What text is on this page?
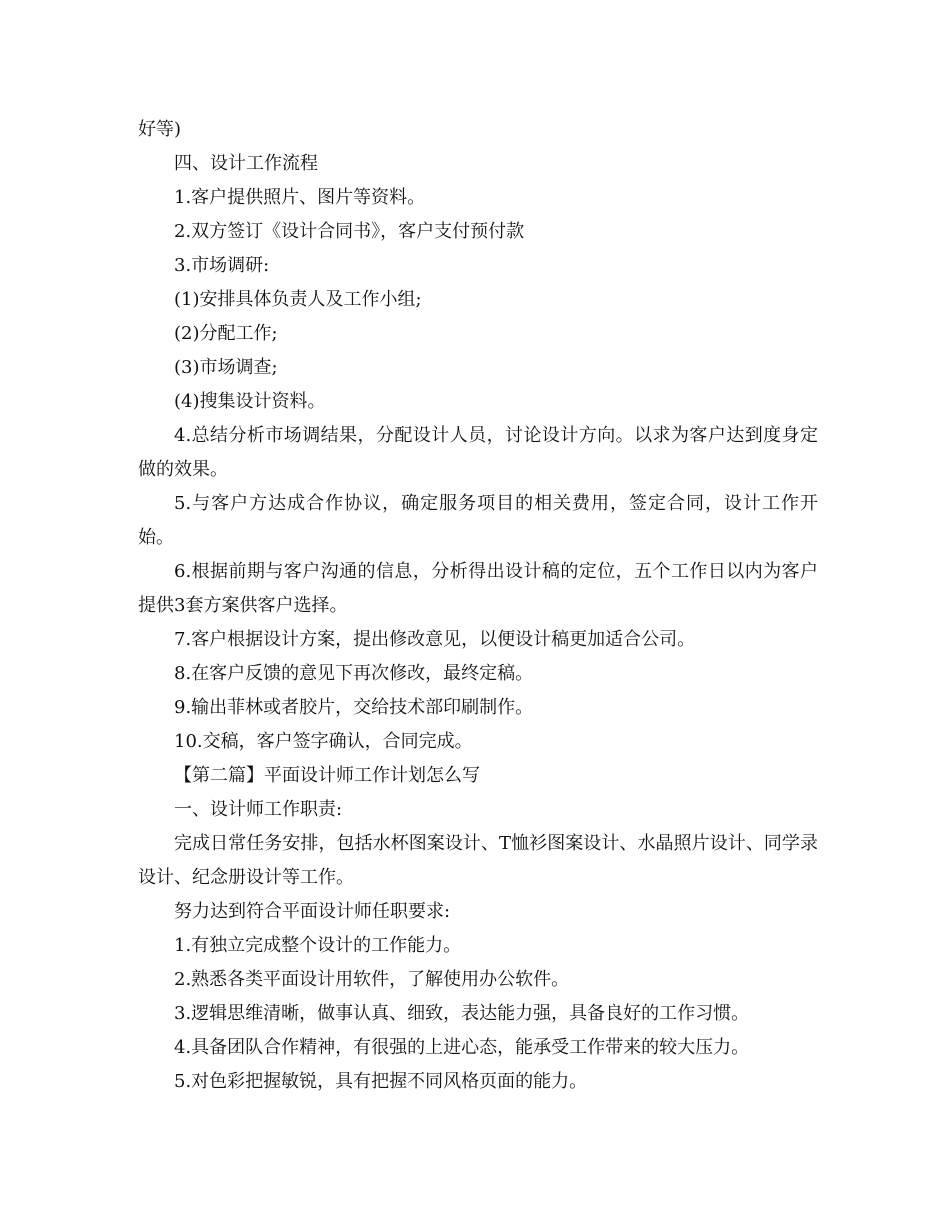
好等)

四、设计工作流程

1.客户提供照片、图片等资料。

2.双方签订《设计合同书》，客户支付预付款

3.市场调研:

(1)安排具体负责人及工作小组;

(2)分配工作;

(3)市场调查;

(4)搜集设计资料。

4.总结分析市场调结果，分配设计人员，讨论设计方向。以求为客户达到度身定做的效果。

5.与客户方达成合作协议，确定服务项目的相关费用，签定合同，设计工作开始。

6.根据前期与客户沟通的信息，分析得出设计稿的定位，五个工作日以内为客户提供3套方案供客户选择。

7.客户根据设计方案，提出修改意见，以便设计稿更加适合公司。

8.在客户反馈的意见下再次修改，最终定稿。

9.输出菲林或者胶片，交给技术部印刷制作。

10.交稿，客户签字确认，合同完成。

【第二篇】平面设计师工作计划怎么写

一、设计师工作职责:

完成日常任务安排，包括水杯图案设计、T恤衫图案设计、水晶照片设计、同学录设计、纪念册设计等工作。

努力达到符合平面设计师任职要求:

1.有独立完成整个设计的工作能力。

2.熟悉各类平面设计用软件，了解使用办公软件。

3.逻辑思维清晰，做事认真、细致，表达能力强，具备良好的工作习惯。

4.具备团队合作精神，有很强的上进心态，能承受工作带来的较大压力。

5.对色彩把握敏锐，具有把握不同风格页面的能力。
